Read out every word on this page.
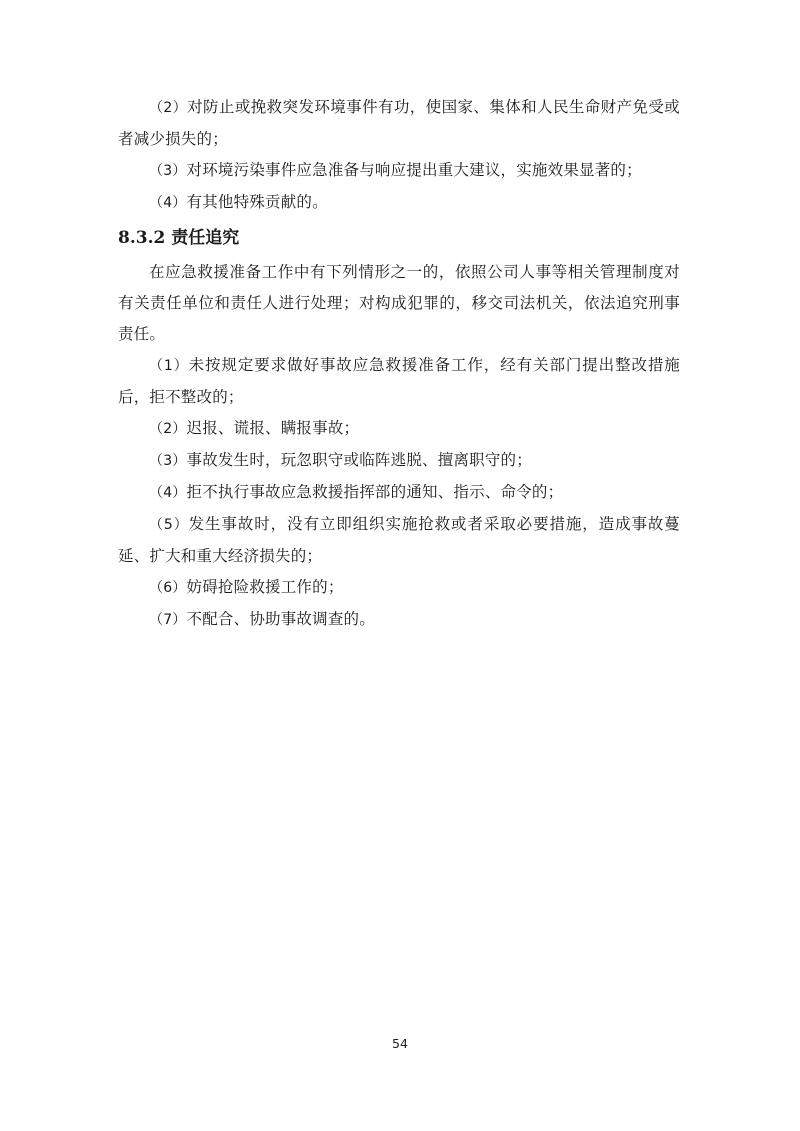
（2）对防止或挽救突发环境事件有功，使国家、集体和人民生命财产免受或者减少损失的；

（3）对环境污染事件应急准备与响应提出重大建议，实施效果显著的；

（4）有其他特殊贡献的。

8.3.2 责任追究

在应急救援准备工作中有下列情形之一的，依照公司人事等相关管理制度对有关责任单位和责任人进行处理；对构成犯罪的，移交司法机关，依法追究刑事责任。

（1）未按规定要求做好事故应急救援准备工作，经有关部门提出整改措施后，拒不整改的；

（2）迟报、谎报、瞒报事故；

（3）事故发生时，玩忽职守或临阵逃脱、擅离职守的；

（4）拒不执行事故应急救援指挥部的通知、指示、命令的；

（5）发生事故时，没有立即组织实施抢救或者采取必要措施，造成事故蔓延、扩大和重大经济损失的；

（6）妨碍抢险救援工作的；

（7）不配合、协助事故调查的。

54
